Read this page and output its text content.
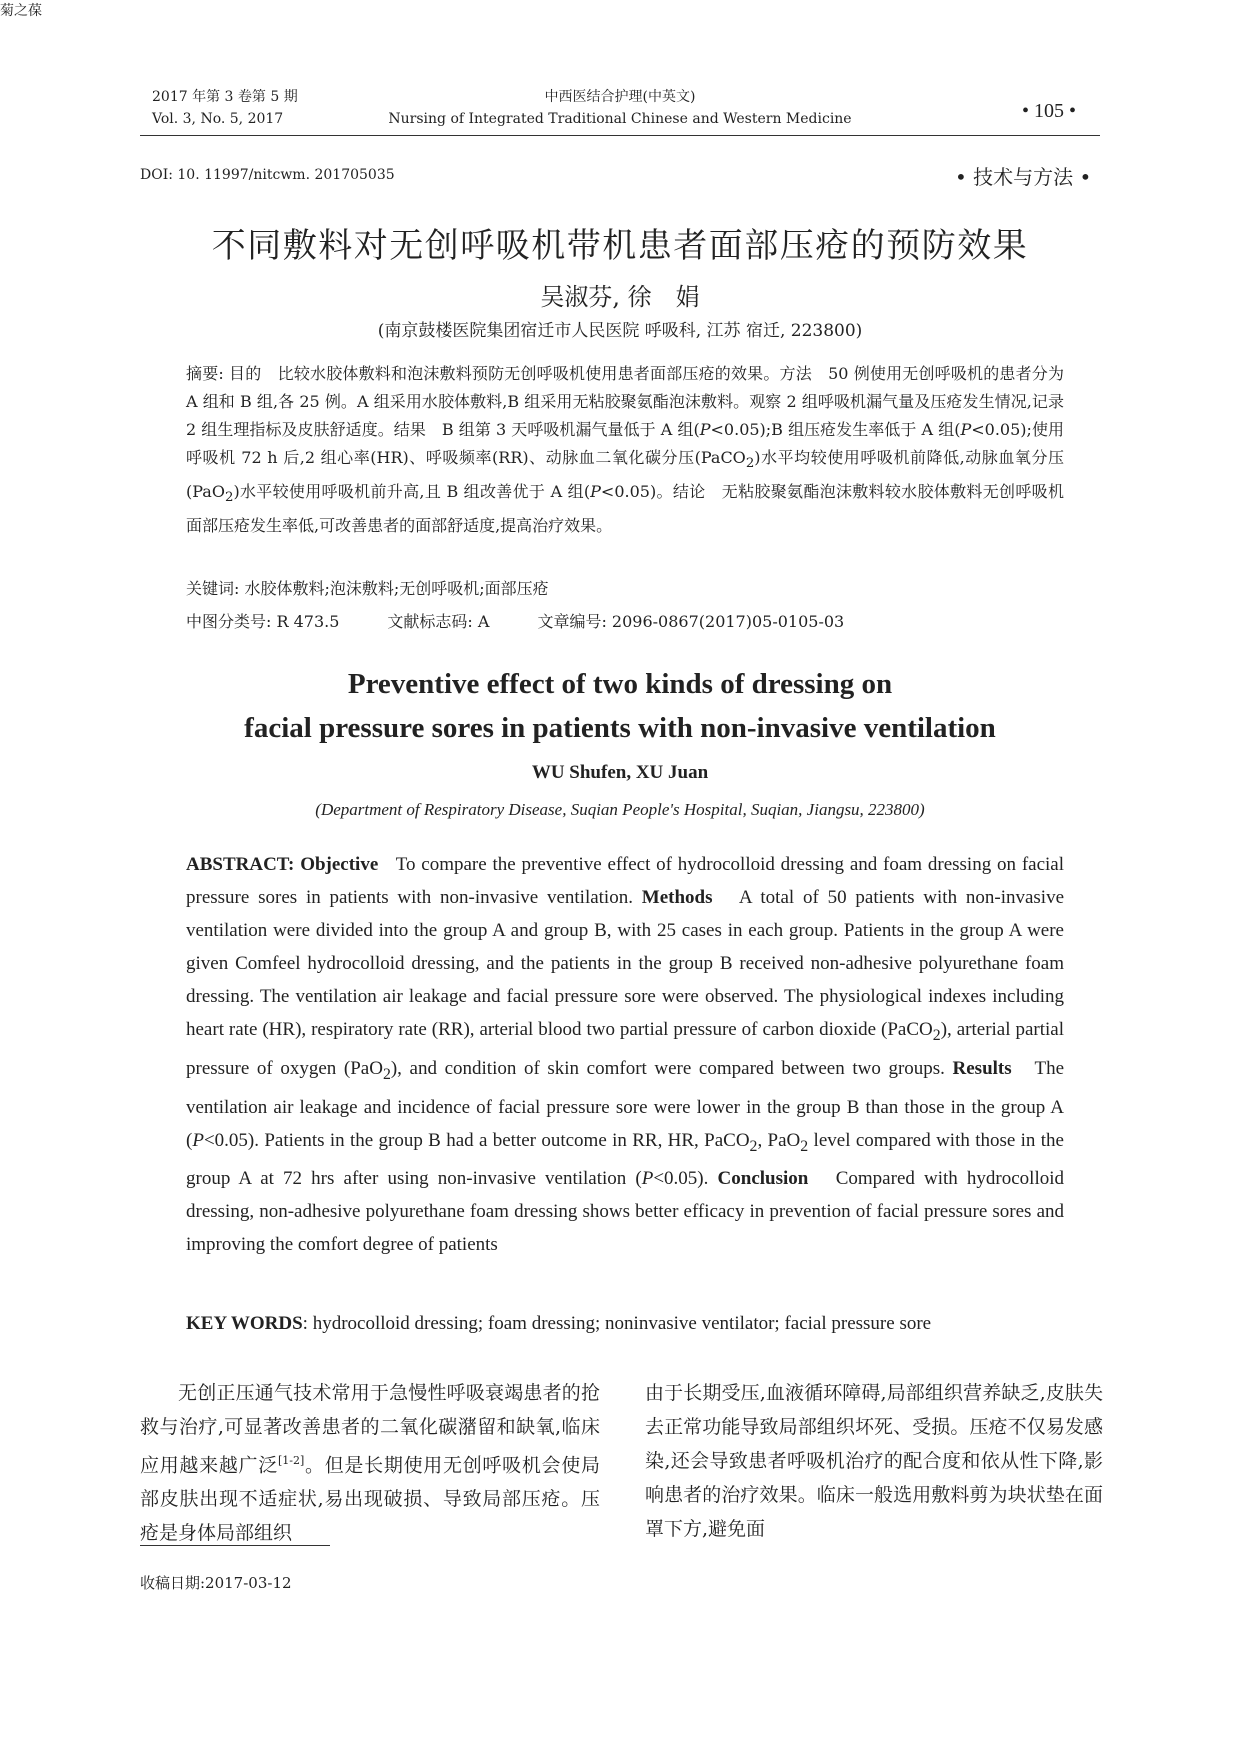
菊之葆
2017 年第 3 卷第 5 期
Vol. 3, No. 5, 2017
中西医结合护理(中英文)
Nursing of Integrated Traditional Chinese and Western Medicine	• 105 •
DOI: 10. 11997/nitcwm. 201705035	• 技术与方法 •
不同敷料对无创呼吸机带机患者面部压疮的预防效果
吴淑芬, 徐　娟
(南京鼓楼医院集团宿迁市人民医院 呼吸科, 江苏 宿迁, 223800)
摘要: 目的　 比较水胶体敷料和泡沫敷料预防无创呼吸机使用患者面部压疮的效果。方法　50 例使用无创呼吸机的患者分为 A 组和 B 组,各 25 例。A 组采用水胶体敷料,B 组采用无粘胶聚氨酯泡沫敷料。观察 2 组呼吸机漏气量及压疮发生情况,记录 2 组生理指标及皮肤舒适度。结果　B 组第 3 天呼吸机漏气量低于 A 组(P<0.05);B 组压疮发生率低于 A 组(P<0.05);使用呼吸机 72 h 后,2 组心率(HR)、呼吸频率(RR)、动脉血二氧化碳分压(PaCO$_2$)水平均较使用呼吸机前降低,动脉血氧分压(PaO$_2$)水平较使用呼吸机前升高,且 B 组改善优于 A 组(P<0.05)。结论　无粘胶聚氨酯泡沫敷料较水胶体敷料无创呼吸机面部压疮发生率低,可改善患者的面部舒适度,提高治疗效果。
关键词: 水胶体敷料;泡沫敷料;无创呼吸机;面部压疮
中图分类号: R 473.5　　　文献标志码: A　　　文章编号: 2096-0867(2017)05-0105-03
Preventive effect of two kinds of dressing on
facial pressure sores in patients with non-invasive ventilation
WU Shufen, XU Juan
(Department of Respiratory Disease, Suqian People's Hospital, Suqian, Jiangsu, 223800)
ABSTRACT: Objective To compare the preventive effect of hydrocolloid dressing and foam dressing on facial pressure sores in patients with non-invasive ventilation. Methods A total of 50 patients with non-invasive ventilation were divided into the group A and group B, with 25 cases in each group. Patients in the group A were given Comfeel hydrocolloid dressing, and the patients in the group B received non-adhesive polyurethane foam dressing. The ventilation air leakage and facial pressure sore were observed. The physiological indexes including heart rate (HR), respiratory rate (RR), arterial blood two partial pressure of carbon dioxide (PaCO$_2$), arterial partial pressure of oxygen (PaO$_2$), and condition of skin comfort were compared between two groups. Results The ventilation air leakage and incidence of facial pressure sore were lower in the group B than those in the group A (P<0.05). Patients in the group B had a better outcome in RR, HR, PaCO$_2$, PaO$_2$ level compared with those in the group A at 72 hrs after using non-invasive ventilation (P<0.05). Conclusion Compared with hydrocolloid dressing, non-adhesive polyurethane foam dressing shows better efficacy in prevention of facial pressure sores and improving the comfort degree of patients
KEY WORDS: hydrocolloid dressing; foam dressing; noninvasive ventilator; facial pressure sore
无创正压通气技术常用于急慢性呼吸衰竭患者的抢救与治疗,可显著改善患者的二氧化碳潴留和缺氧,临床应用越来越广泛[1-2]。但是长期使用无创呼吸机会使局部皮肤出现不适症状,易出现破损、导致局部压疮。压疮是身体局部组织
由于长期受压,血液循环障碍,局部组织营养缺乏,皮肤失去正常功能导致局部组织坏死、受损。压疮不仅易发感染,还会导致患者呼吸机治疗的配合度和依从性下降,影响患者的治疗效果。临床一般选用敷料剪为块状垫在面罩下方,避免面
收稿日期:2017-03-12
